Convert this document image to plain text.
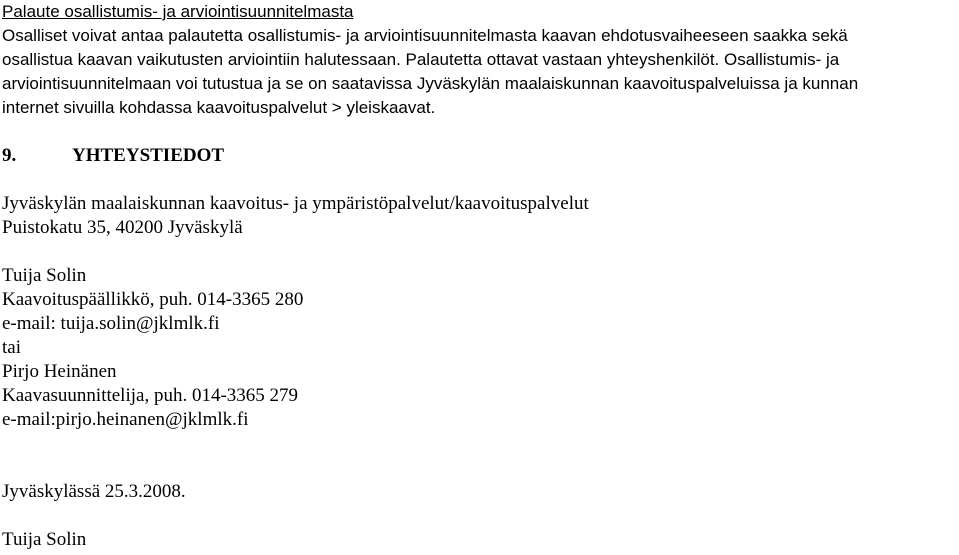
Palaute osallistumis- ja arviointisuunnitelmasta
Osalliset voivat antaa palautetta osallistumis- ja arviointisuunnitelmasta kaavan ehdotusvaiheeseen saakka sekä
osallistua kaavan vaikutusten arviointiin halutessaan. Palautetta ottavat vastaan yhteyshenkilöt. Osallistumis- ja
arviointisuunnitelmaan voi tutustua ja se on saatavissa Jyväskylän maalaiskunnan kaavoituspalveluissa ja kunnan
internet sivuilla kohdassa kaavoituspalvelut > yleiskaavat.
9.	YHTEYSTIEDOT
Jyväskylän maalaiskunnan kaavoitus- ja ympäristöpalvelut/kaavoituspalvelut
Puistokatu 35, 40200 Jyväskylä
Tuija Solin
Kaavoituspäällikkö, puh. 014-3365 280
e-mail: tuija.solin@jklmlk.fi
tai
Pirjo Heinänen
Kaavasuunnittelija, puh. 014-3365 279
e-mail:pirjo.heinanen@jklmlk.fi
Jyväskylässä 25.3.2008.
Tuija Solin
